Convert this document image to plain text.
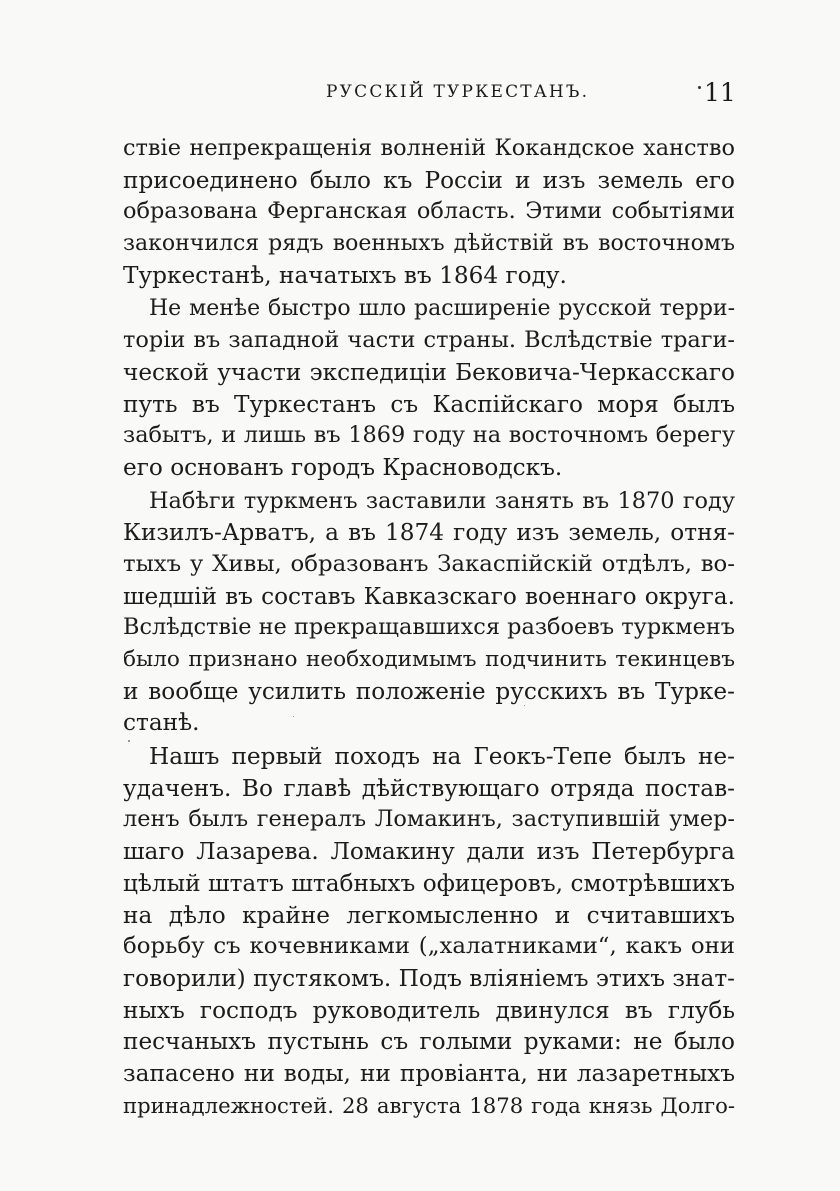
РУССКІЙ ТУРКЕСТАНЪ.	11
ствіе непрекращенія волненій Кокандское ханство
присоединено было къ Россіи и изъ земель его
образована Ферганская область. Этими событіями
закончился рядъ военныхъ дѣйствій въ восточномъ
Туркестанѣ, начатыхъ въ 1864 году.
Не менѣе быстро шло расширеніе русской терри-
торіи въ западной части страны. Вслѣдствіе траги-
ческой участи экспедиціи Бековича-Черкасскаго
путь въ Туркестанъ съ Каспійскаго моря былъ
забытъ, и лишь въ 1869 году на восточномъ берегу
его основанъ городъ Красноводскъ.
Набѣги туркменъ заставили занять въ 1870 году
Кизилъ-Арватъ, а въ 1874 году изъ земель, отня-
тыхъ у Хивы, образованъ Закаспійскій отдѣлъ, во-
шедшій въ составъ Кавказскаго военнаго округа.
Вслѣдствіе не прекращавшихся разбоевъ туркменъ
было признано необходимымъ подчинить текинцевъ
и вообще усилить положеніе русскихъ въ Турке-
станѣ.
Нашъ первый походъ на Геокъ-Тепе былъ не-
удаченъ. Во главѣ дѣйствующаго отряда постав-
ленъ былъ генералъ Ломакинъ, заступившій умер-
шаго Лазарева. Ломакину дали изъ Петербурга
цѣлый штатъ штабныхъ офицеровъ, смотрѣвшихъ
на дѣло крайне легкомысленно и считавшихъ
борьбу съ кочевниками („халатниками“, какъ они
говорили) пустякомъ. Подъ вліяніемъ этихъ знат-
ныхъ господъ руководитель двинулся въ глубь
песчаныхъ пустынь съ голыми руками: не было
запасено ни воды, ни провіанта, ни лазаретныхъ
принадлежностей. 28 августа 1878 года князь Долго-
